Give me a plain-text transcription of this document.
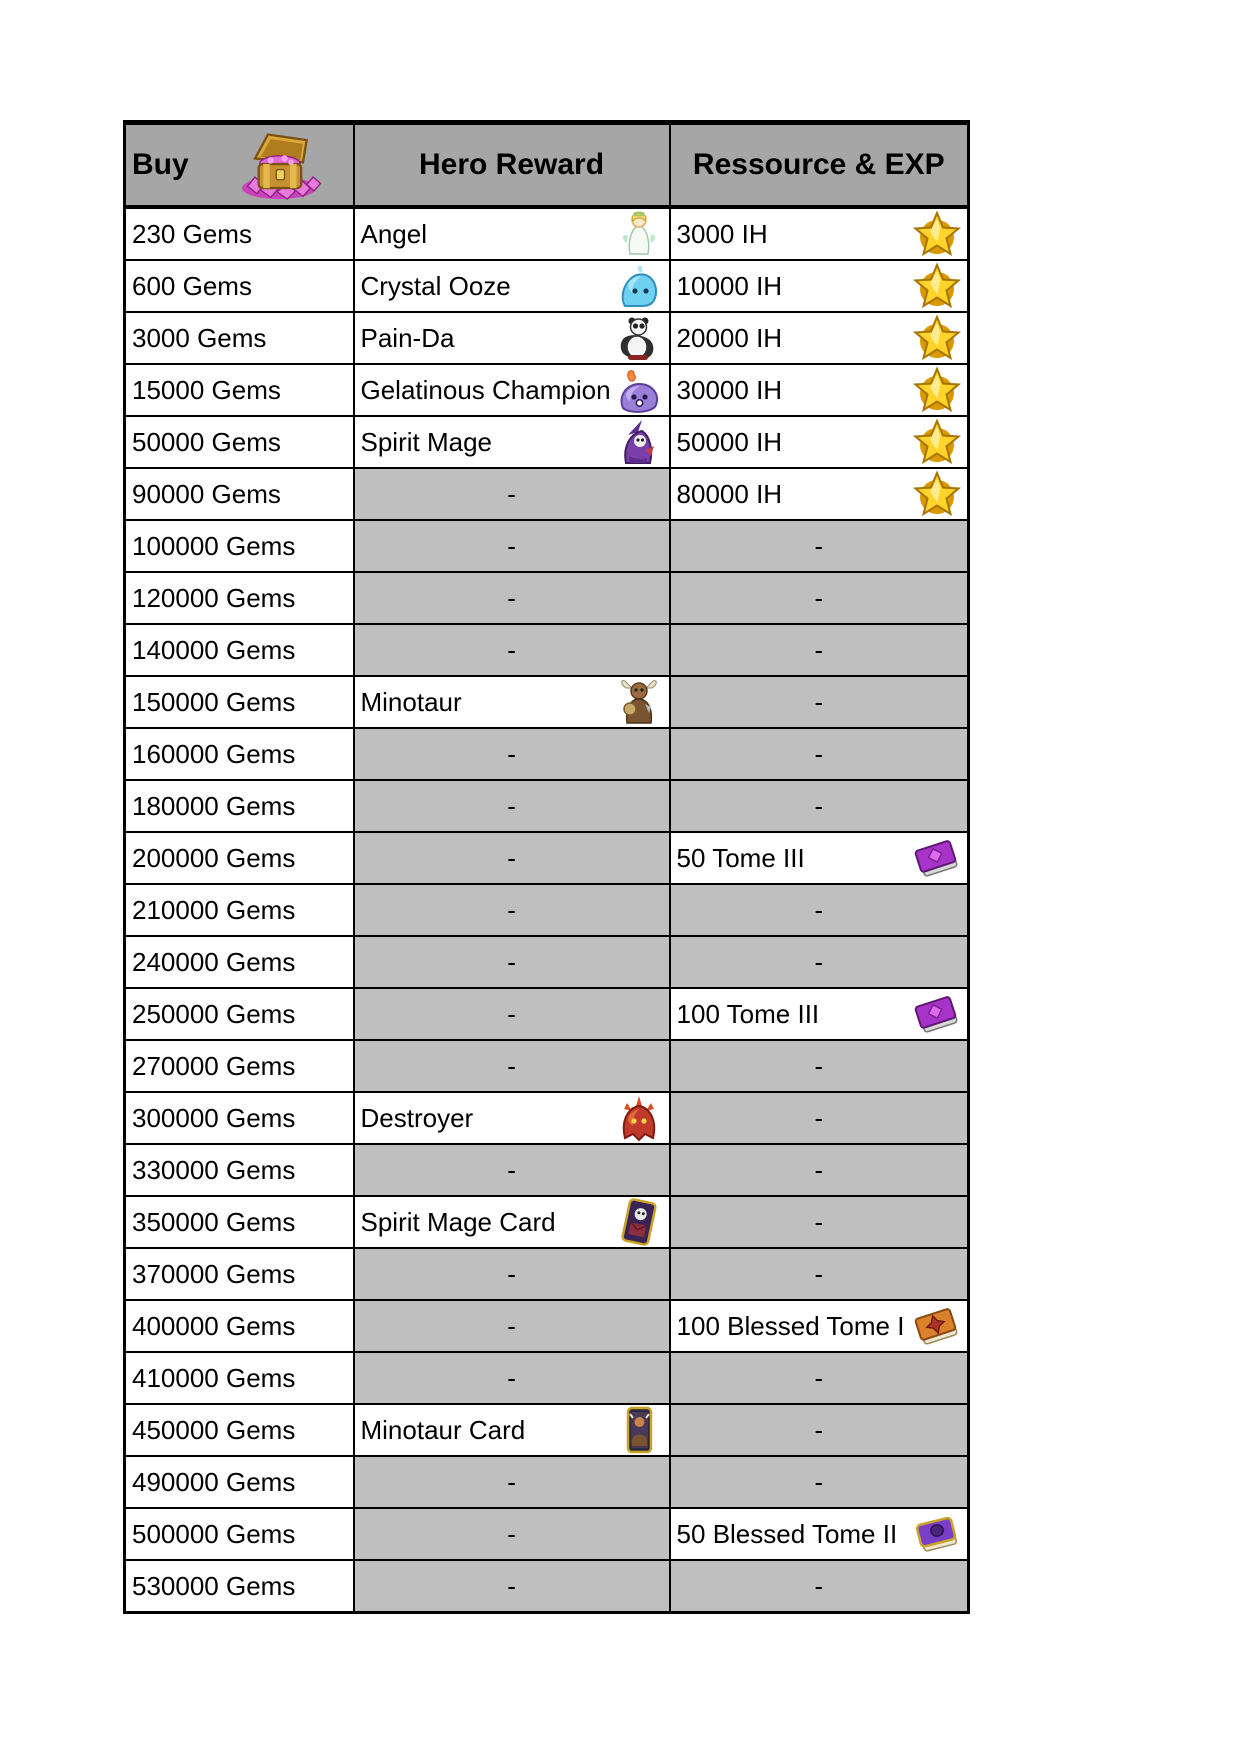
Buy	Hero Reward	Ressource & EXP

230 Gems	Angel	3000 IH

600 Gems	Crystal Ooze	10000 IH

3000 Gems	Pain-Da	20000 IH

15000 Gems	Gelatinous Champion	30000 IH

50000 Gems	Spirit Mage	50000 IH

90000 Gems	-	80000 IH

100000 Gems	-	-

120000 Gems	-	-

140000 Gems	-	-

150000 Gems	Minotaur	-

160000 Gems	-	-

180000 Gems	-	-

200000 Gems	-	50 Tome III

210000 Gems	-	-

240000 Gems	-	-

250000 Gems	-	100 Tome III

270000 Gems	-	-

300000 Gems	Destroyer	-

330000 Gems	-	-

350000 Gems	Spirit Mage Card	-

370000 Gems	-	-

400000 Gems	-	100 Blessed Tome I

410000 Gems	-	-

450000 Gems	Minotaur Card	-

490000 Gems	-	-

500000 Gems	-	50 Blessed Tome II

530000 Gems	-	-
